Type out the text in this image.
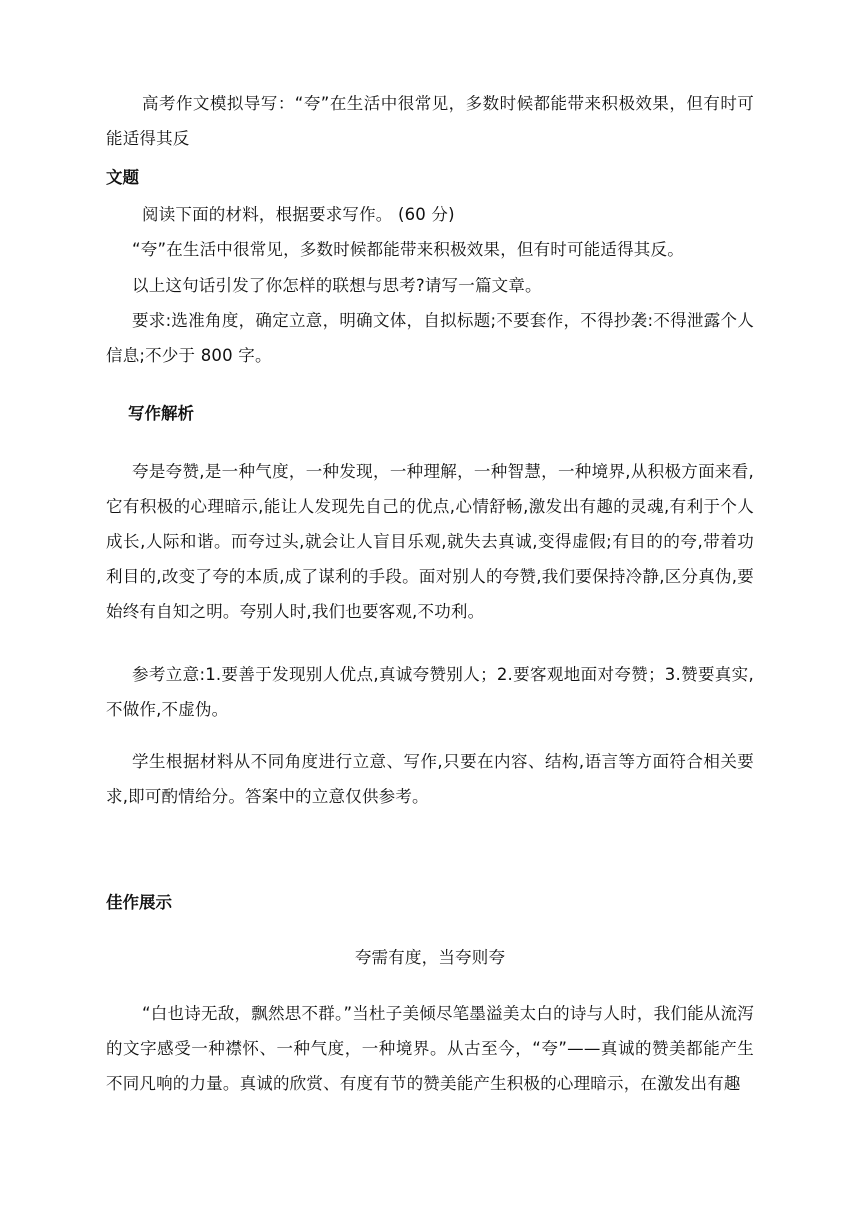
高考作文模拟导写：“夸”在生活中很常见，多数时候都能带来积极效果，但有时可能适得其反

文题

阅读下面的材料，根据要求写作。 (60 分)

“夸”在生活中很常见，多数时候都能带来积极效果，但有时可能适得其反。

以上这句话引发了你怎样的联想与思考?请写一篇文章。

要求:选准角度，确定立意，明确文体，自拟标题;不要套作，不得抄袭:不得泄露个人信息;不少于 800 字。

写作解析

夸是夸赞,是一种气度，一种发现，一种理解，一种智慧，一种境界,从积极方面来看,它有积极的心理暗示,能让人发现先自己的优点,心情舒畅,激发出有趣的灵魂,有利于个人成长,人际和谐。而夸过头,就会让人盲目乐观,就失去真诚,变得虚假;有目的的夸,带着功利目的,改变了夸的本质,成了谋利的手段。面对别人的夸赞,我们要保持冷静,区分真伪,要始终有自知之明。夸别人时,我们也要客观,不功利。

参考立意:1.要善于发现别人优点,真诚夸赞别人；2.要客观地面对夸赞；3.赞要真实,不做作,不虚伪。

学生根据材料从不同角度进行立意、写作,只要在内容、结构,语言等方面符合相关要求,即可酌情给分。答案中的立意仅供参考。

佳作展示

夸需有度，当夸则夸

“白也诗无敌，飘然思不群。”当杜子美倾尽笔墨溢美太白的诗与人时，我们能从流泻的文字感受一种襟怀、一种气度，一种境界。从古至今，“夸”——真诚的赞美都能产生不同凡响的力量。真诚的欣赏、有度有节的赞美能产生积极的心理暗示，在激发出有趣
